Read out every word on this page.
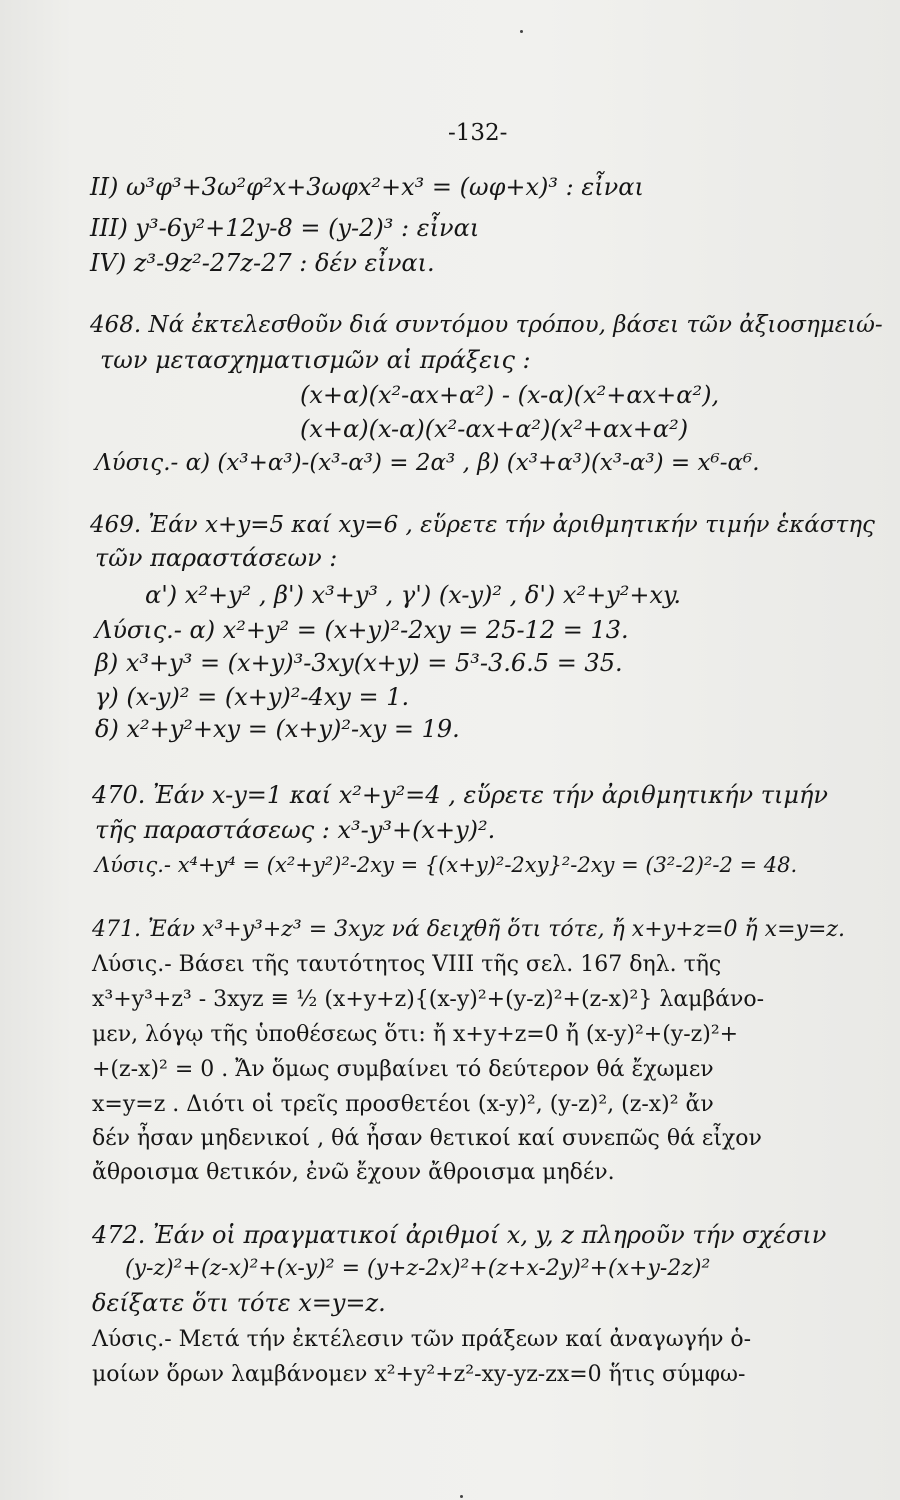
-132-
II) ω³φ³+3ω²φ²x+3ωφx²+x³ = (ωφ+x)³ : εἶναι
III) y³-6y²+12y-8 = (y-2)³ : εἶναι
IV) z³-9z²-27z-27 : δέν εἶναι.
468. Νά ἐκτελεσθοῦν διά συντόμου τρόπου, βάσει τῶν ἀξιοσημειώ-
των μετασχηματισμῶν αἱ πράξεις :
(x+α)(x²-αx+α²) - (x-α)(x²+αx+α²),
(x+α)(x-α)(x²-αx+α²)(x²+αx+α²)
Λύσις.- α) (x³+α³)-(x³-α³) = 2α³ , β) (x³+α³)(x³-α³) = x⁶-α⁶.
469. Ἐάν x+y=5 καί xy=6 , εὕρετε τήν ἀριθμητικήν τιμήν ἑκάστης
τῶν παραστάσεων :
α') x²+y² , β') x³+y³ , γ') (x-y)² , δ') x²+y²+xy.
Λύσις.- α) x²+y² = (x+y)²-2xy = 25-12 = 13.
β) x³+y³ = (x+y)³-3xy(x+y) = 5³-3.6.5 = 35.
γ) (x-y)² = (x+y)²-4xy = 1.
δ) x²+y²+xy = (x+y)²-xy = 19.
470. Ἐάν x-y=1 καί x²+y²=4 , εὕρετε τήν ἀριθμητικήν τιμήν
τῆς παραστάσεως : x³-y³+(x+y)².
Λύσις.- x⁴+y⁴ = (x²+y²)²-2xy = {(x+y)²-2xy}²-2xy = (3²-2)²-2 = 48.
471. Ἐάν x³+y³+z³ = 3xyz νά δειχθῆ ὅτι τότε, ἤ x+y+z=0 ἤ x=y=z.
Λύσις.- Βάσει τῆς ταυτότητος VIII τῆς σελ. 167 δηλ. τῆς
x³+y³+z³ - 3xyz ≡ ½ (x+y+z){(x-y)²+(y-z)²+(z-x)²} λαμβάνο-
μεν, λόγῳ τῆς ὑποθέσεως ὅτι: ἤ x+y+z=0 ἤ (x-y)²+(y-z)²+
+(z-x)² = 0 . Ἄν ὅμως συμβαίνει τό δεύτερον θά ἔχωμεν
x=y=z . Διότι οἱ τρεῖς προσθετέοι (x-y)², (y-z)², (z-x)² ἄν
δέν ἦσαν μηδενικοί , θά ἦσαν θετικοί καί συνεπῶς θά εἶχον
ἄθροισμα θετικόν, ἐνῶ ἔχουν ἄθροισμα μηδέν.
472. Ἐάν οἱ πραγματικοί ἀριθμοί x, y, z πληροῦν τήν σχέσιν
(y-z)²+(z-x)²+(x-y)² = (y+z-2x)²+(z+x-2y)²+(x+y-2z)²
δείξατε ὅτι τότε x=y=z.
Λύσις.- Μετά τήν ἐκτέλεσιν τῶν πράξεων καί ἀναγωγήν ὁ-
μοίων ὅρων λαμβάνομεν x²+y²+z²-xy-yz-zx=0 ἥτις σύμφω-
